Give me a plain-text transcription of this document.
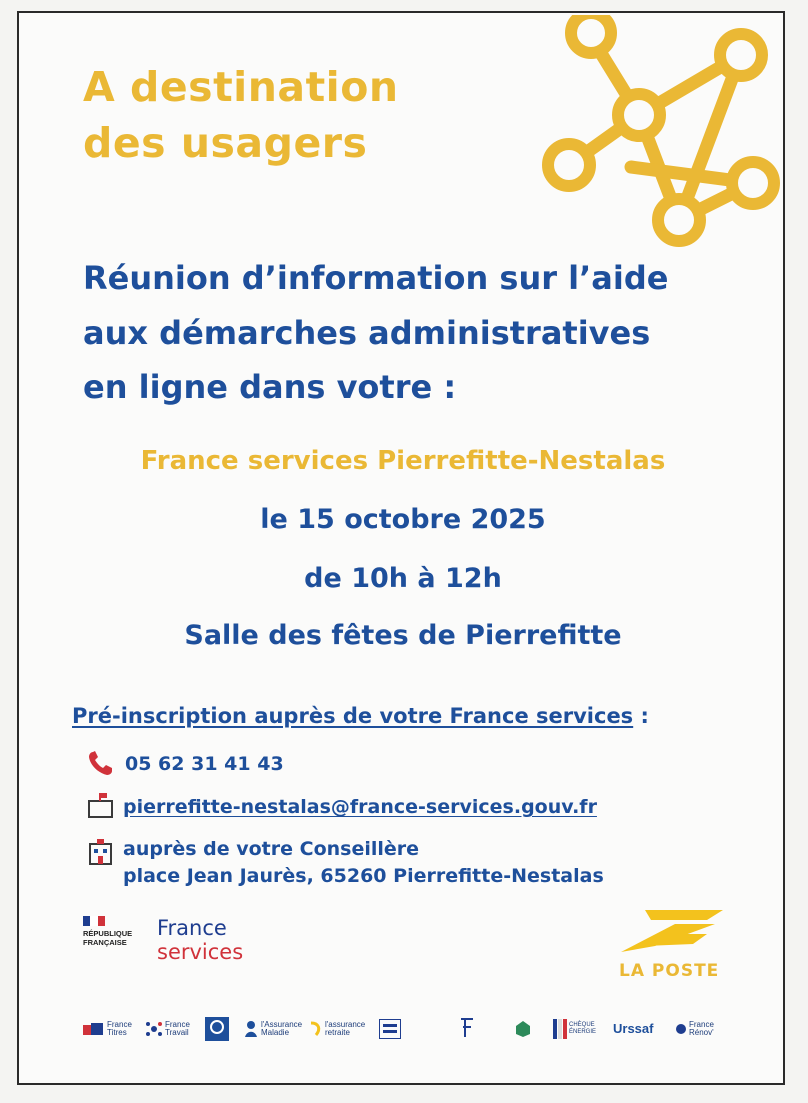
A destination
des usagers
Réunion d’information sur l’aide
aux démarches administratives
en ligne dans votre :
France services Pierrefitte-Nestalas
le 15 octobre 2025
de 10h à 12h
Salle des fêtes de Pierrefitte
Pré-inscription auprès de votre France services :
05 62 31 41 43
pierrefitte-nestalas@france-services.gouv.fr
auprès de votre Conseillère
place Jean Jaurès, 65260 Pierrefitte-Nestalas
RÉPUBLIQUE
FRANÇAISE
France
services
LA POSTE
France
Titres
France
Travail
l'Assurance
Maladie
l'assurance
retraite
CHÈQUE
ÉNERGIE Urssaf	France
Rénov'
